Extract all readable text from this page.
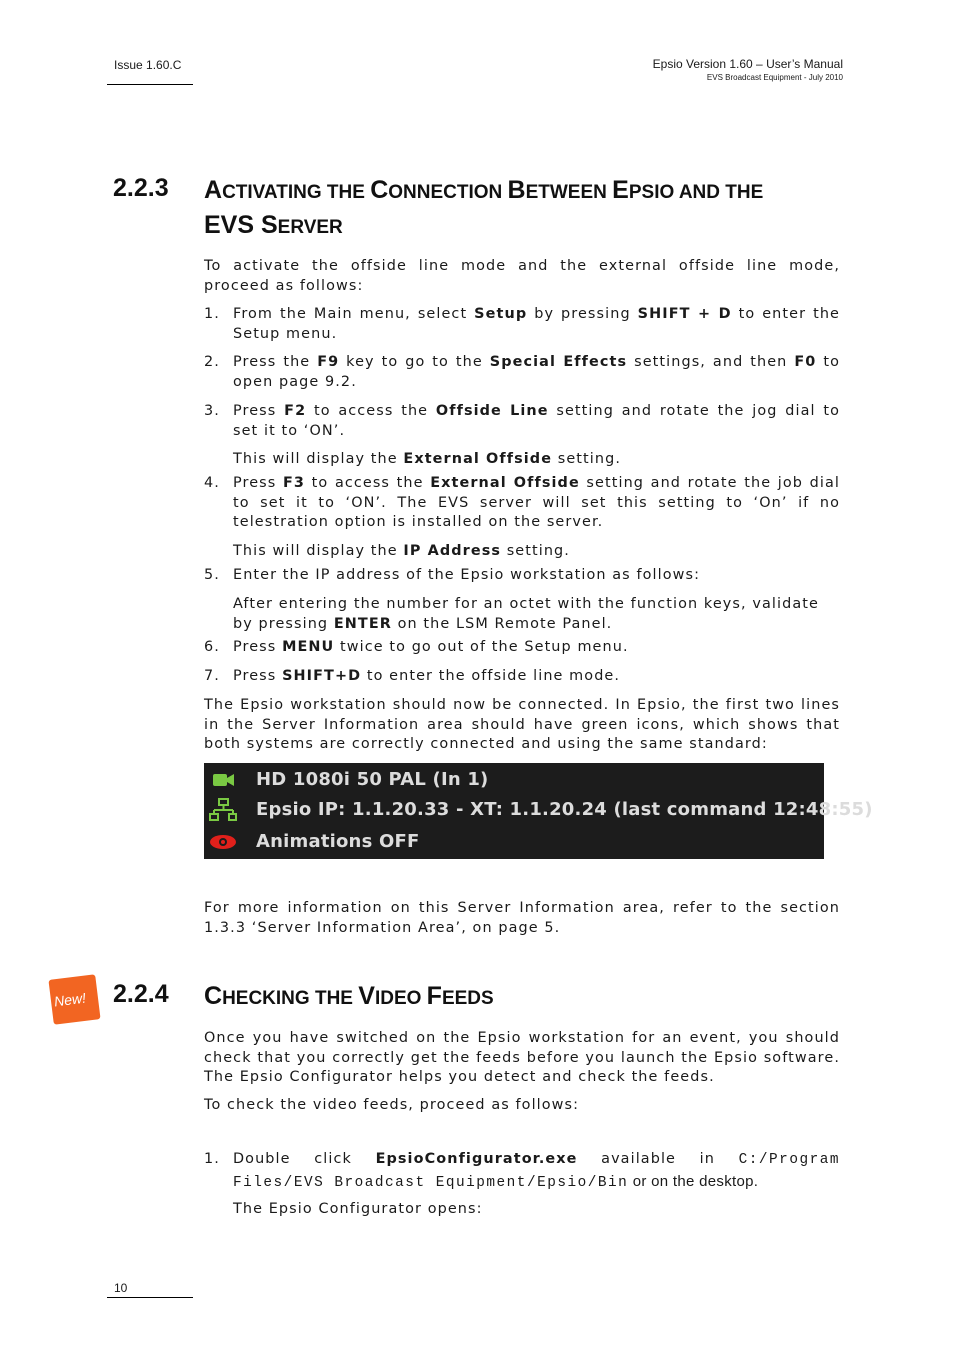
Issue 1.60.C	Epsio Version 1.60 – User’s Manual
EVS Broadcast Equipment - July 2010
2.2.3 ACTIVATING THE CONNECTION BETWEEN EPSIO AND THE
EVS SERVER

To activate the offside line mode and the external offside line mode, proceed as follows:

1. From the Main menu, select Setup by pressing SHIFT + D to enter the Setup menu.
2. Press the F9 key to go to the Special Effects settings, and then F0 to open page 9.2.
3. Press F2 to access the Offside Line setting and rotate the jog dial to set it to ‘ON’.
This will display the External Offside setting.
4. Press F3 to access the External Offside setting and rotate the job dial to set it to ‘ON’. The EVS server will set this setting to ‘On’ if no telestration option is installed on the server.
This will display the IP Address setting.
5. Enter the IP address of the Epsio workstation as follows:
After entering the number for an octet with the function keys, validate by pressing ENTER on the LSM Remote Panel.
6. Press MENU twice to go out of the Setup menu.
7. Press SHIFT+D to enter the offside line mode.

The Epsio workstation should now be connected. In Epsio, the first two lines in the Server Information area should have green icons, which shows that both systems are correctly connected and using the same standard:

HD 1080i 50 PAL (In 1)
Epsio IP: 1.1.20.33 - XT: 1.1.20.24 (last command 12:48:55)
Animations OFF

For more information on this Server Information area, refer to the section 1.3.3 ‘Server Information Area’, on page 5.

New! 2.2.4 CHECKING THE VIDEO FEEDS

Once you have switched on the Epsio workstation for an event, you should check that you correctly get the feeds before you launch the Epsio software. The Epsio Configurator helps you detect and check the feeds.

To check the video feeds, proceed as follows:

1. Double click EpsioConfigurator.exe available in C:/Program Files/EVS Broadcast Equipment/Epsio/Bin or on the desktop.
The Epsio Configurator opens:
10
